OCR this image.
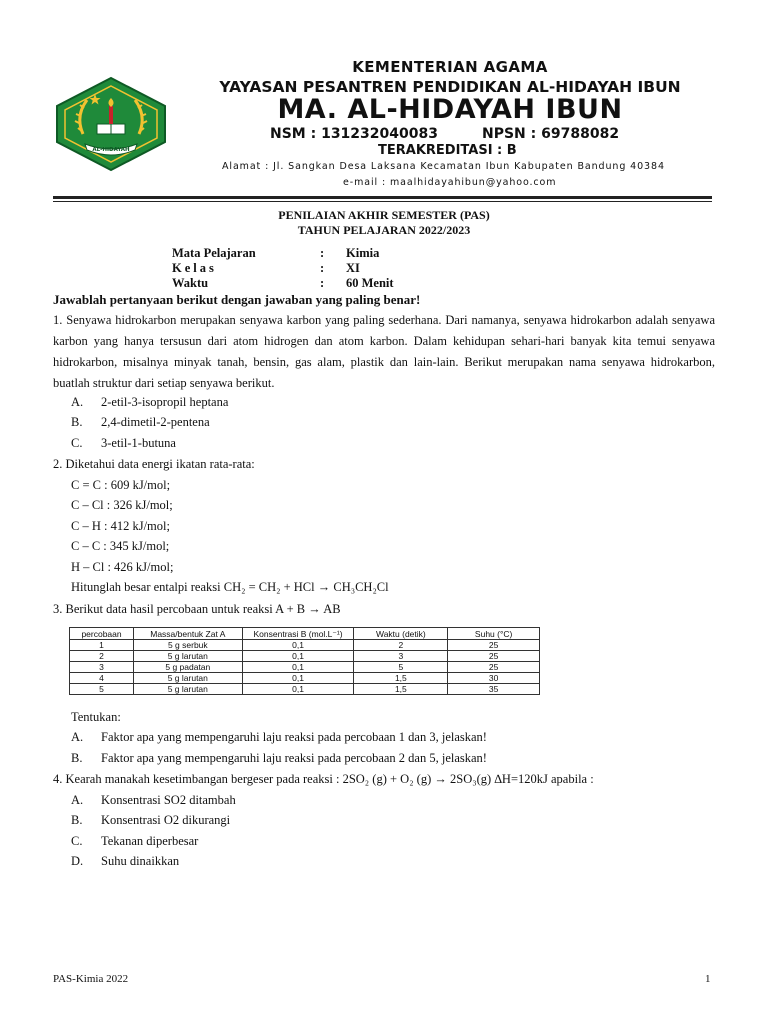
AL-HIDAYAH
KEMENTERIAN AGAMA
YAYASAN PESANTREN PENDIDIKAN AL-HIDAYAH IBUN
MA. AL-HIDAYAH IBUN
NSM : 131232040083	NPSN : 69788082
TERAKREDITASI : B
Alamat : Jl. Sangkan Desa Laksana Kecamatan Ibun Kabupaten Bandung 40384
e-mail : maalhidayahibun@yahoo.com
PENILAIAN AKHIR SEMESTER (PAS)
TAHUN PELAJARAN 2022/2023
Mata Pelajaran	: Kimia
Kelas	: XI
Waktu	: 60 Menit
Jawablah pertanyaan berikut dengan jawaban yang paling benar!
1. Senyawa hidrokarbon merupakan senyawa karbon yang paling sederhana. Dari namanya, senyawa hidrokarbon adalah senyawa karbon yang hanya tersusun dari atom hidrogen dan atom karbon. Dalam kehidupan sehari-hari banyak kita temui senyawa hidrokarbon, misalnya minyak tanah, bensin, gas alam, plastik dan lain-lain. Berikut merupakan nama senyawa hidrokarbon, buatlah struktur dari setiap senyawa berikut.
A. 2-etil-3-isopropil heptana
B. 2,4-dimetil-2-pentena
C. 3-etil-1-butuna
2. Diketahui data energi ikatan rata-rata:
C = C : 609 kJ/mol;
C – Cl : 326 kJ/mol;
C – H : 412 kJ/mol;
C – C : 345 kJ/mol;
H – Cl : 426 kJ/mol;
Hitunglah besar entalpi reaksi CH₂ = CH₂ + HCl → CH₃CH₂Cl
3. Berikut data hasil percobaan untuk reaksi A + B → AB
percobaan	Massa/bentuk Zat A	Konsentrasi B (mol.L⁻¹)	Waktu (detik)	Suhu (°C)
1	5 g serbuk	0,1	2	25
2	5 g larutan	0,1	3	25
3	5 g padatan	0,1	5	25
4	5 g larutan	0,1	1,5	30
5	5 g larutan	0,1	1,5	35
Tentukan:
A. Faktor apa yang mempengaruhi laju reaksi pada percobaan 1 dan 3, jelaskan!
B. Faktor apa yang mempengaruhi laju reaksi pada percobaan 2 dan 5, jelaskan!
4. Kearah manakah kesetimbangan bergeser pada reaksi : 2SO₂ (g) + O₂ (g) → 2SO₃(g) ∆H=120kJ apabila :
A. Konsentrasi SO2 ditambah
B. Konsentrasi O2 dikurangi
C. Tekanan diperbesar
D. Suhu dinaikkan
PAS-Kimia 2022	1
